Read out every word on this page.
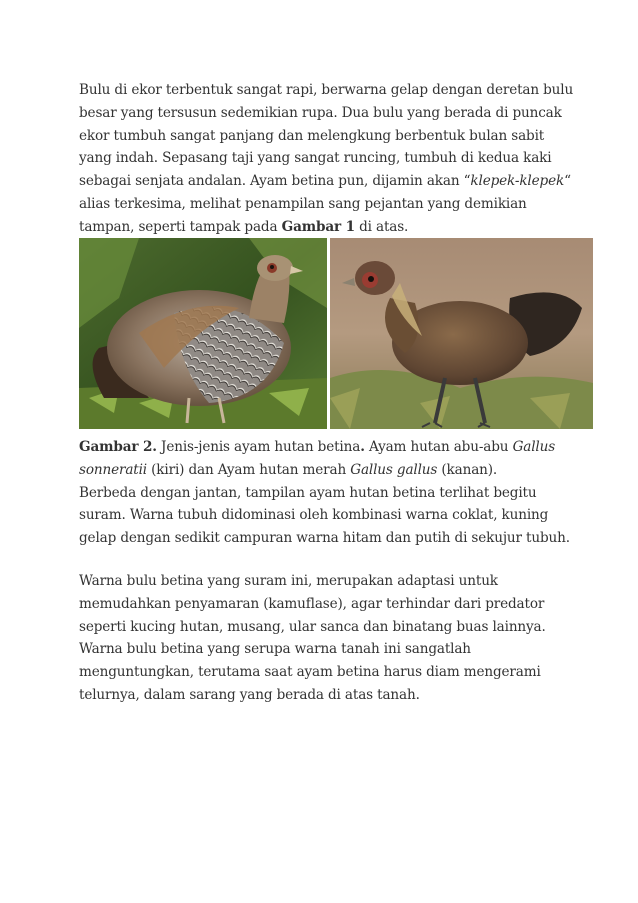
Bulu di ekor terbentuk sangat rapi, berwarna gelap dengan deretan bulu
besar yang tersusun sedemikian rupa. Dua bulu yang berada di puncak
ekor tumbuh sangat panjang dan melengkung berbentuk bulan sabit
yang indah. Sepasang taji yang sangat runcing, tumbuh di kedua kaki
sebagai senjata andalan. Ayam betina pun, dijamin akan “klepek-klepek“
alias terkesima, melihat penampilan sang pejantan yang demikian
tampan, seperti tampak pada Gambar 1 di atas.
Gambar 2. Jenis-jenis ayam hutan betina. Ayam hutan abu-abu Gallus
sonneratii (kiri) dan Ayam hutan merah Gallus gallus (kanan).
Berbeda dengan jantan, tampilan ayam hutan betina terlihat begitu
suram. Warna tubuh didominasi oleh kombinasi warna coklat, kuning
gelap dengan sedikit campuran warna hitam dan putih di sekujur tubuh.
Warna bulu betina yang suram ini, merupakan adaptasi untuk
memudahkan penyamaran (kamuflase), agar terhindar dari predator
seperti kucing hutan, musang, ular sanca dan binatang buas lainnya.
Warna bulu betina yang serupa warna tanah ini sangatlah
menguntungkan, terutama saat ayam betina harus diam mengerami
telurnya, dalam sarang yang berada di atas tanah.
